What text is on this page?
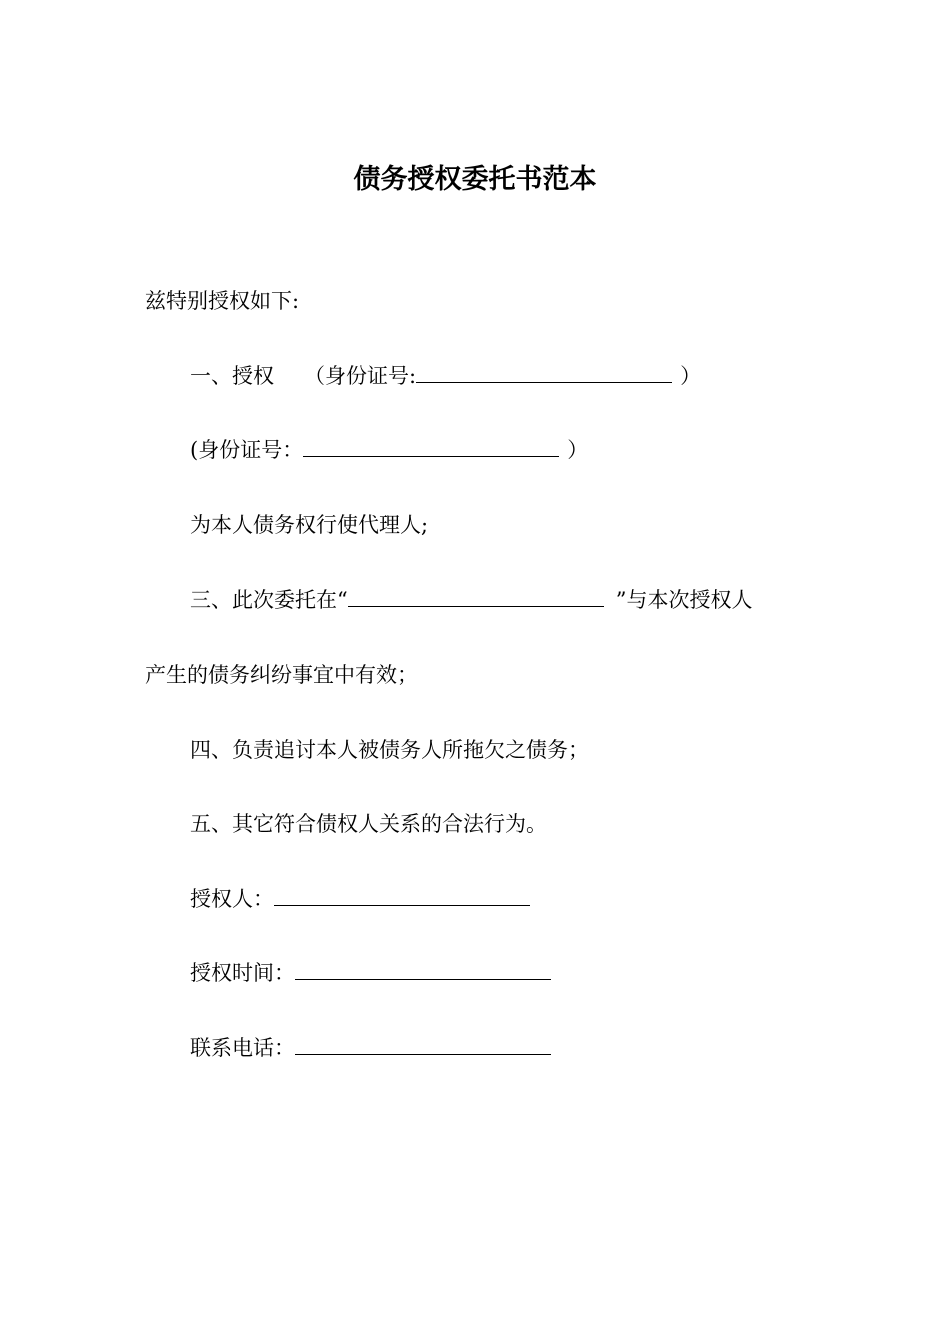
债务授权委托书范本
兹特别授权如下:
一、授权 （身份证号:	）
(身份证号：	）
为本人债务权行使代理人;
三、此次委托在“	”与本次授权人
产生的债务纠纷事宜中有效；
四、负责追讨本人被债务人所拖欠之债务；
五、其它符合债权人关系的合法行为。
授权人：
授权时间：
联系电话：
